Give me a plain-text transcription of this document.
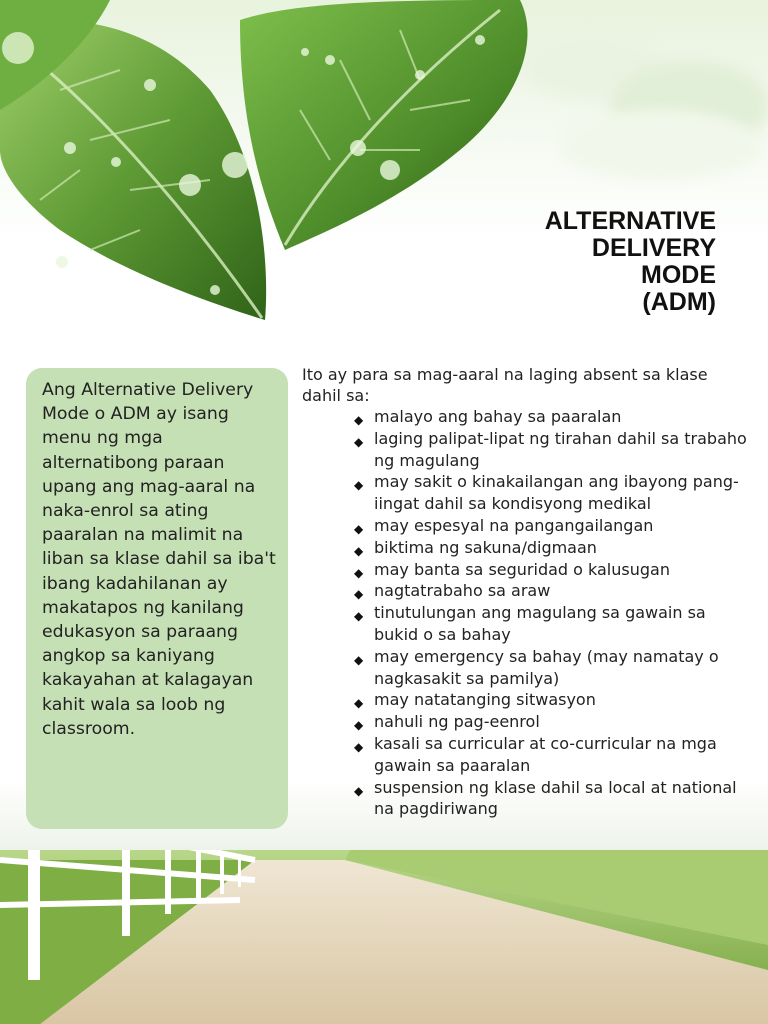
ALTERNATIVE
DELIVERY
MODE
(ADM)

Ang Alternative Delivery Mode o ADM ay isang menu ng mga alternatibong paraan upang ang mag-aaral na naka-enrol sa ating paaralan na malimit na liban sa klase dahil sa iba't ibang kadahilanan ay makatapos ng kanilang edukasyon sa paraang angkop sa kaniyang kakayahan at kalagayan kahit wala sa loob ng classroom.

Ito ay para sa mag-aaral na laging absent sa klase dahil sa:

◆ malayo ang bahay sa paaralan
◆ laging palipat-lipat ng tirahan dahil sa trabaho ng magulang
◆ may sakit o kinakailangan ang ibayong pang-iingat dahil sa kondisyong medikal
◆ may espesyal na pangangailangan
◆ biktima ng sakuna/digmaan
◆ may banta sa seguridad o kalusugan
◆ nagtatrabaho sa araw
◆ tinutulungan ang magulang sa gawain sa bukid o sa bahay
◆ may emergency sa bahay (may namatay o nagkasakit sa pamilya)
◆ may natatanging sitwasyon
◆ nahuli ng pag-eenrol
◆ kasali sa curricular at co-curricular na mga gawain sa paaralan
◆ suspension ng klase dahil sa local at national na pagdiriwang
